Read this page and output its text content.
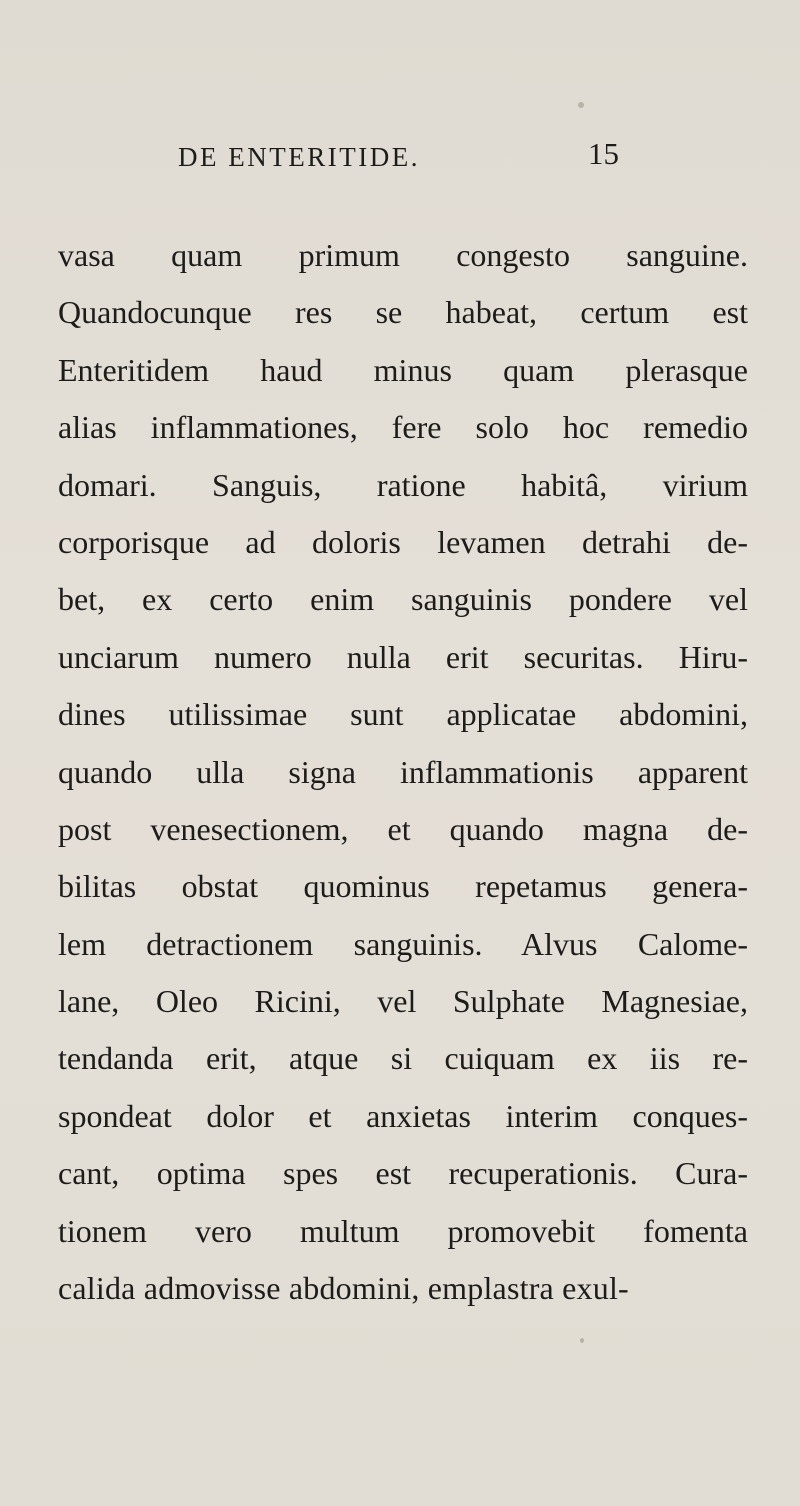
DE ENTERITIDE.	15
vasa quam primum congesto sanguine.
Quandocunque res se habeat, certum est
Enteritidem haud minus quam plerasque
alias inflammationes, fere solo hoc remedio
domari. Sanguis, ratione habitâ, virium
corporisque ad doloris levamen detrahi de-
bet, ex certo enim sanguinis pondere vel
unciarum numero nulla erit securitas. Hiru-
dines utilissimae sunt applicatae abdomini,
quando ulla signa inflammationis apparent
post venesectionem, et quando magna de-
bilitas obstat quominus repetamus genera-
lem detractionem sanguinis. Alvus Calome-
lane, Oleo Ricini, vel Sulphate Magnesiae,
tendanda erit, atque si cuiquam ex iis re-
spondeat dolor et anxietas interim conques-
cant, optima spes est recuperationis. Cura-
tionem vero multum promovebit fomenta
calida admovisse abdomini, emplastra exul-
